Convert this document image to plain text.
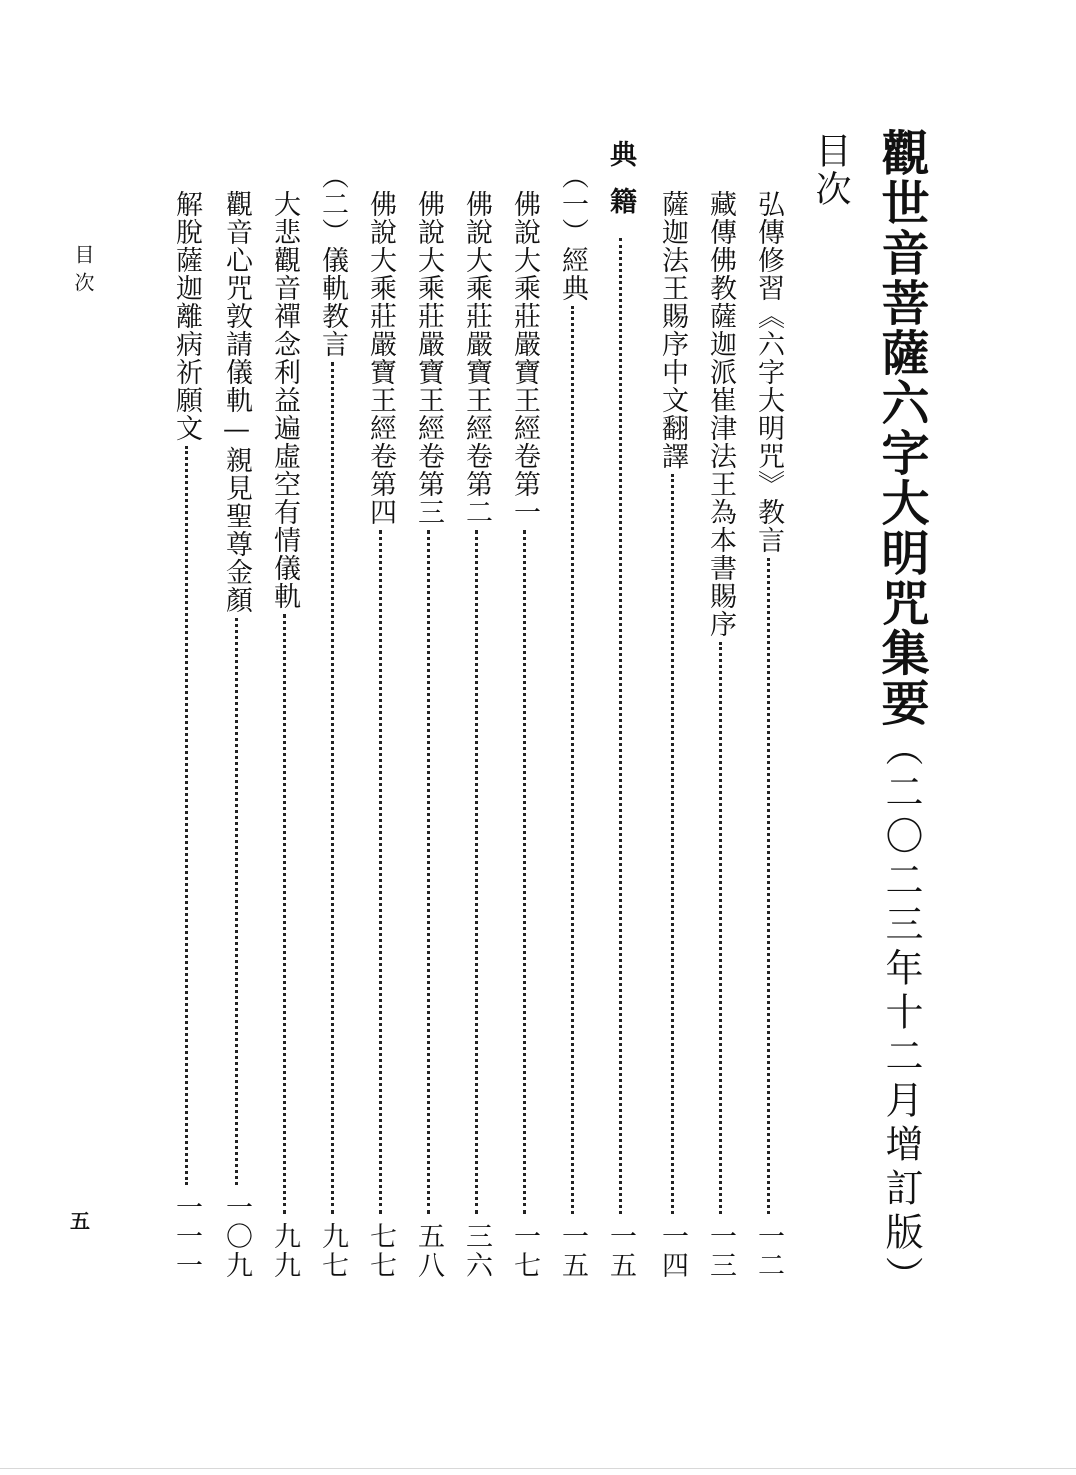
觀世音菩薩六字大明咒集要（二〇二三年十二月增訂版）
目次
弘傳修習《六字大明咒》教言
一二
藏傳佛教薩迦派崔津法王為本書賜序
一三
薩迦法王賜序中文翻譯
一四
典籍
一五
（一）經典
一五
佛說大乘莊嚴寶王經卷第一
一七
佛說大乘莊嚴寶王經卷第二
三六
佛說大乘莊嚴寶王經卷第三
五八
佛說大乘莊嚴寶王經卷第四
七七
（二）儀軌教言
九七
大悲觀音禪念利益遍虛空有情儀軌
九九
觀音心咒敦請儀軌—親見聖尊金顏
一〇九
解脫薩迦離病祈願文
一一一
目次
五
